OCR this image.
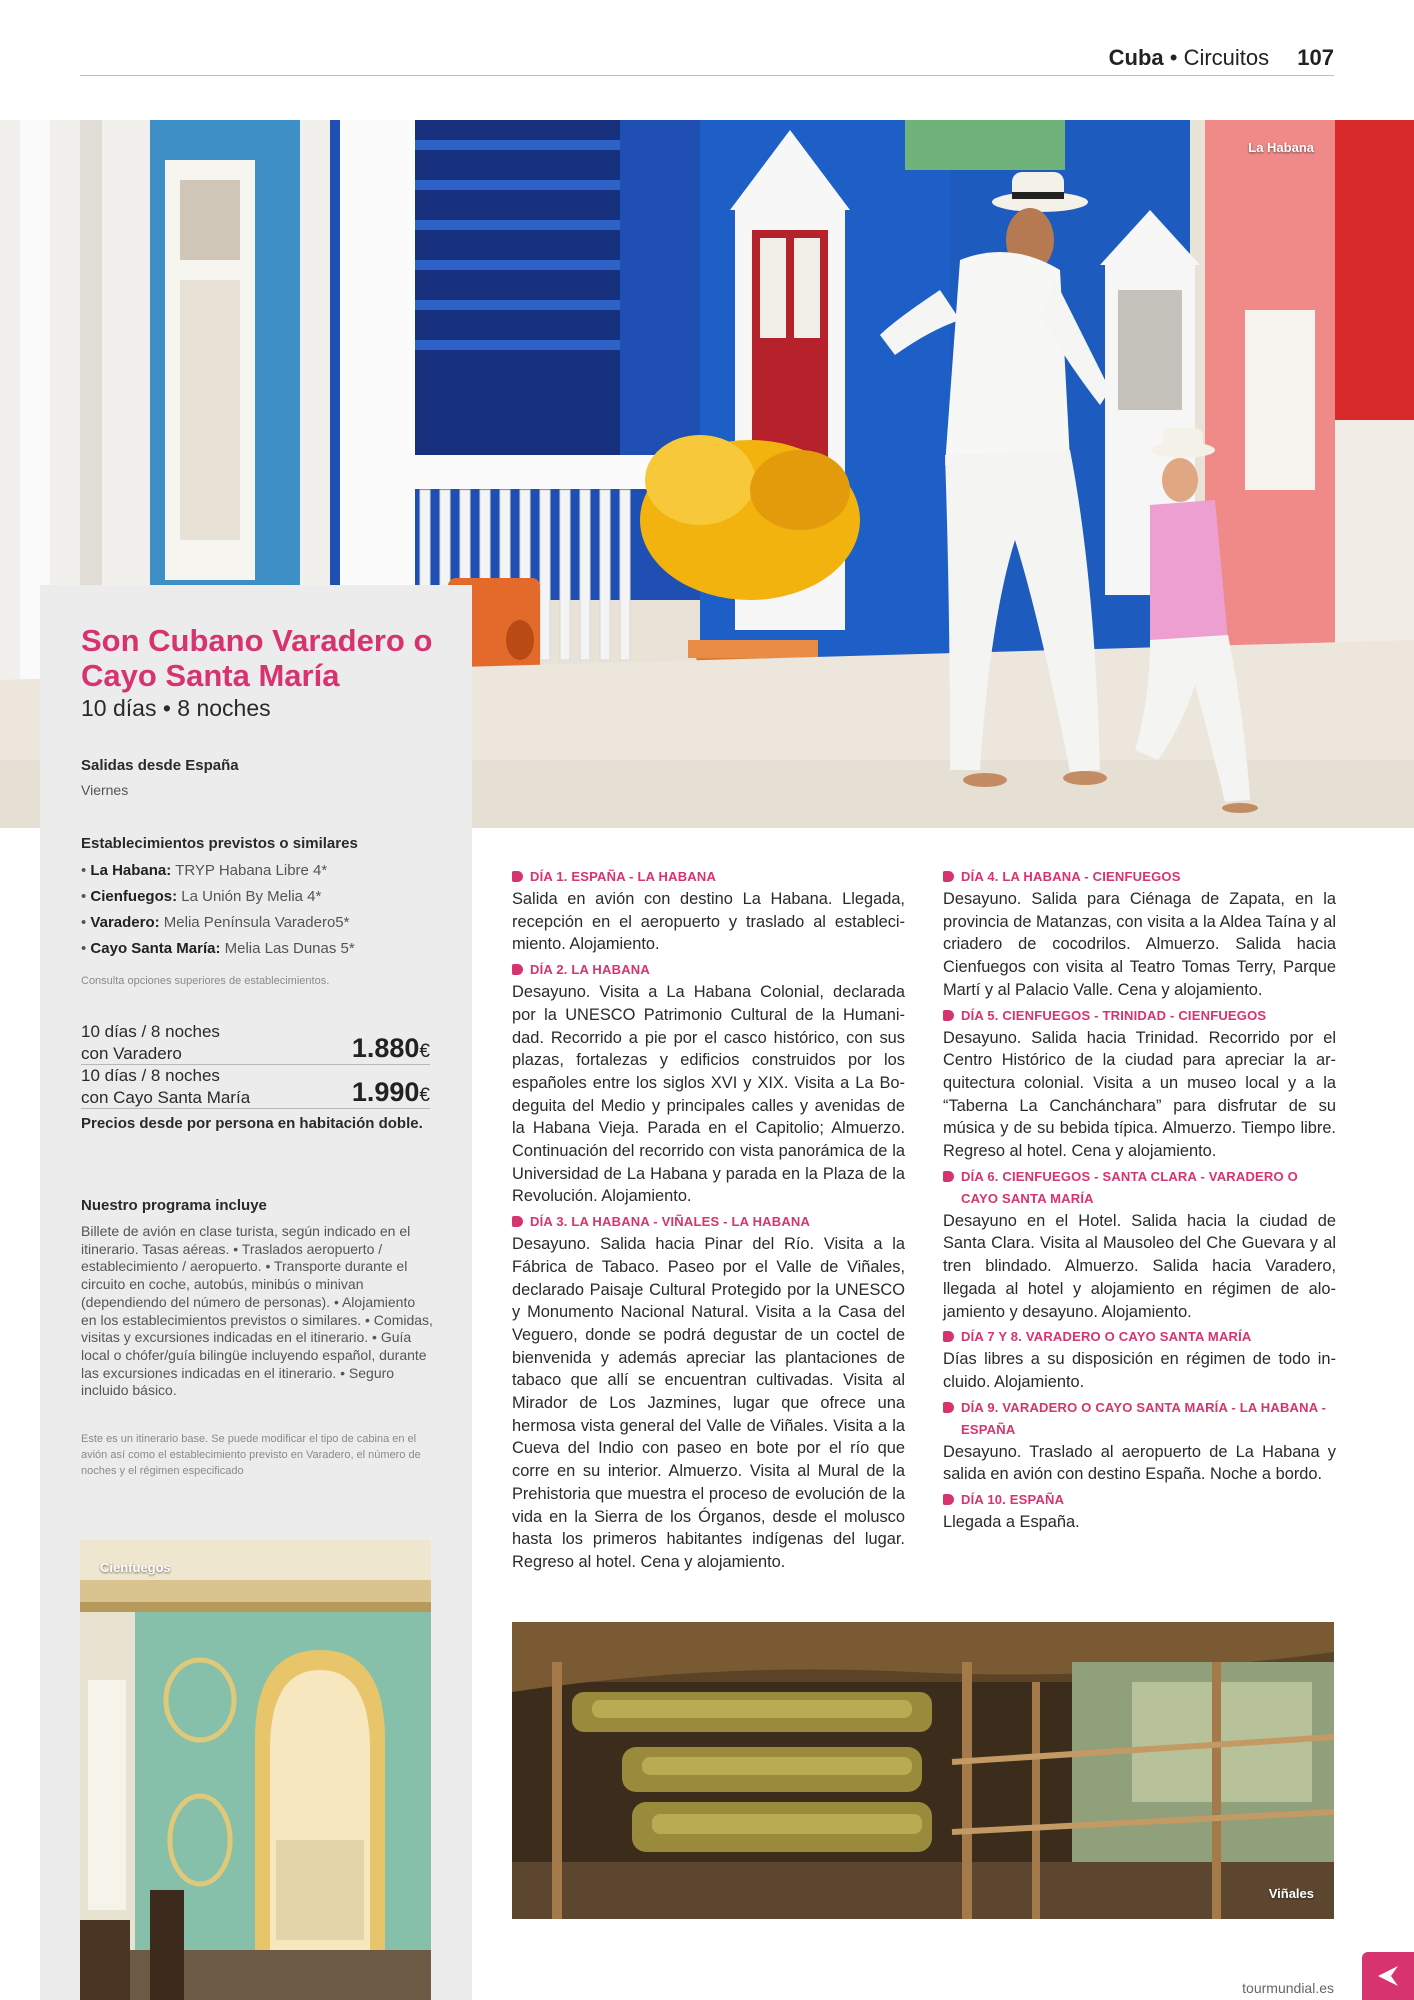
Cuba • Circuitos 107
La Habana
Son Cubano Varadero o Cayo Santa María
10 días • 8 noches
Salidas desde España
Viernes
Establecimientos previstos o similares
• La Habana: TRYP Habana Libre 4*
• Cienfuegos: La Unión By Melia 4*
• Varadero: Melia Península Varadero5*
• Cayo Santa María: Melia Las Dunas 5*
Consulta opciones superiores de establecimientos.
10 días / 8 noches
con Varadero	1.880€
10 días / 8 noches
con Cayo Santa María	1.990€
Precios desde por persona en habitación doble.
Nuestro programa incluye
Billete de avión en clase turista, según indicado en el itinerario. Tasas aéreas. • Traslados aeropuerto / establecimiento / aeropuerto. • Transporte durante el circuito en coche, autobús, minibús o minivan (dependiendo del número de personas). • Alojamiento en los establecimientos previstos o similares. • Comidas, visitas y excursiones indicadas en el itinerario. • Guía local o chófer/guía bilingüe incluyendo español, durante las excursiones indicadas en el itinerario. • Seguro incluido básico.
Este es un itinerario base. Se puede modificar el tipo de cabina en el avión así como el establecimiento previsto en Varadero, el número de noches y el régimen especificado
Cienfuegos
DÍA 1. ESPAÑA - LA HABANA
Salida en avión con destino La Habana. Llegada, recepción en el aeropuerto y traslado al estableci-miento. Alojamiento.
DÍA 2. LA HABANA
Desayuno. Visita a La Habana Colonial, declarada por la UNESCO Patrimonio Cultural de la Humani-dad. Recorrido a pie por el casco histórico, con sus plazas, fortalezas y edificios construidos por los españoles entre los siglos XVI y XIX. Visita a La Bo-deguita del Medio y principales calles y avenidas de la Habana Vieja. Parada en el Capitolio; Almuerzo. Continuación del recorrido con vista panorámica de la Universidad de La Habana y parada en la Plaza de la Revolución. Alojamiento.
DÍA 3. LA HABANA - VIÑALES - LA HABANA
Desayuno. Salida hacia Pinar del Río. Visita a la Fábrica de Tabaco. Paseo por el Valle de Viñales, declarado Paisaje Cultural Protegido por la UNESCO y Monumento Nacional Natural. Visita a la Casa del Veguero, donde se podrá degustar de un coctel de bienvenida y además apreciar las plantaciones de tabaco que allí se encuentran cultivadas. Visita al Mirador de Los Jazmines, lugar que ofrece una hermosa vista general del Valle de Viñales. Visita a la Cueva del Indio con paseo en bote por el río que corre en su interior. Almuerzo. Visita al Mural de la Prehistoria que muestra el proceso de evolución de la vida en la Sierra de los Órganos, desde el molusco hasta los primeros habitantes indígenas del lugar. Regreso al hotel. Cena y alojamiento.
DÍA 4. LA HABANA - CIENFUEGOS
Desayuno. Salida para Ciénaga de Zapata, en la provincia de Matanzas, con visita a la Aldea Taína y al criadero de cocodrilos. Almuerzo. Salida hacia Cienfuegos con visita al Teatro Tomas Terry, Parque Martí y al Palacio Valle. Cena y alojamiento.
DÍA 5. CIENFUEGOS - TRINIDAD - CIENFUEGOS
Desayuno. Salida hacia Trinidad. Recorrido por el Centro Histórico de la ciudad para apreciar la ar-quitectura colonial. Visita a un museo local y a la “Taberna La Canchánchara” para disfrutar de su música y de su bebida típica. Almuerzo. Tiempo libre. Regreso al hotel. Cena y alojamiento.
DÍA 6. CIENFUEGOS - SANTA CLARA - VARADERO O CAYO SANTA MARÍA
Desayuno en el Hotel. Salida hacia la ciudad de Santa Clara. Visita al Mausoleo del Che Guevara y al tren blindado. Almuerzo. Salida hacia Varadero, llegada al hotel y alojamiento en régimen de alo-jamiento y desayuno. Alojamiento.
DÍA 7 Y 8. VARADERO O CAYO SANTA MARÍA
Días libres a su disposición en régimen de todo in-cluido. Alojamiento.
DÍA 9. VARADERO O CAYO SANTA MARÍA - LA HABANA - ESPAÑA
Desayuno. Traslado al aeropuerto de La Habana y salida en avión con destino España. Noche a bordo.
DÍA 10. ESPAÑA
Llegada a España.
Viñales
tourmundial.es
